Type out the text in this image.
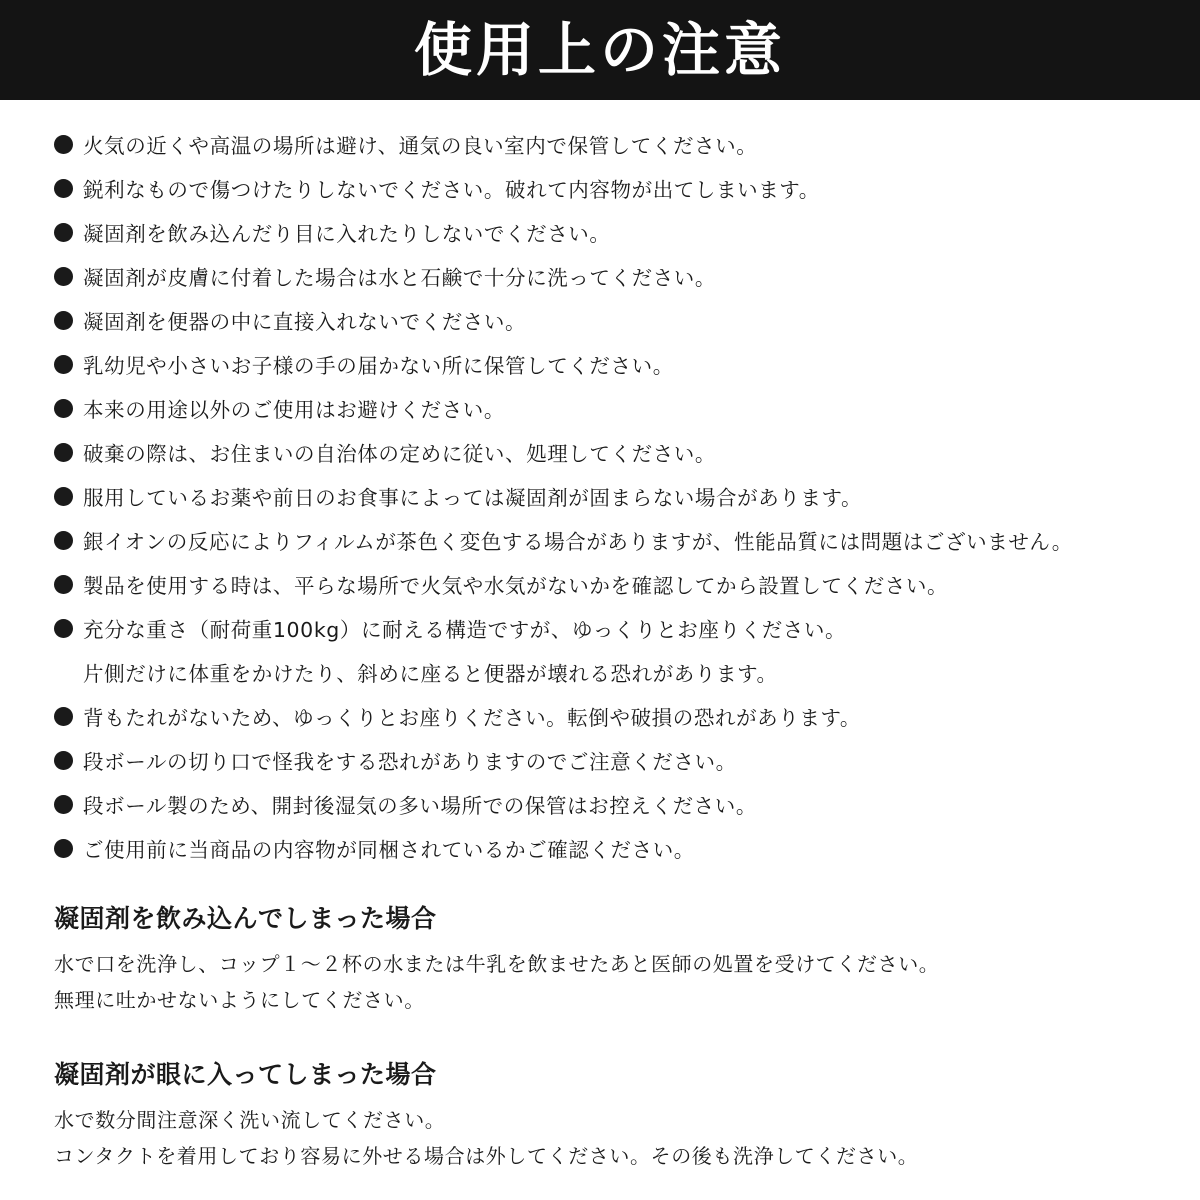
使用上の注意
火気の近くや高温の場所は避け、通気の良い室内で保管してください。
鋭利なもので傷つけたりしないでください。破れて内容物が出てしまいます。
凝固剤を飲み込んだり目に入れたりしないでください。
凝固剤が皮膚に付着した場合は水と石鹸で十分に洗ってください。
凝固剤を便器の中に直接入れないでください。
乳幼児や小さいお子様の手の届かない所に保管してください。
本来の用途以外のご使用はお避けください。
破棄の際は、お住まいの自治体の定めに従い、処理してください。
服用しているお薬や前日のお食事によっては凝固剤が固まらない場合があります。
銀イオンの反応によりフィルムが茶色く変色する場合がありますが、性能品質には問題はございません。
製品を使用する時は、平らな場所で火気や水気がないかを確認してから設置してください。
充分な重さ（耐荷重100kg）に耐える構造ですが、ゆっくりとお座りください。
片側だけに体重をかけたり、斜めに座ると便器が壊れる恐れがあります。
背もたれがないため、ゆっくりとお座りください。転倒や破損の恐れがあります。
段ボールの切り口で怪我をする恐れがありますのでご注意ください。
段ボール製のため、開封後湿気の多い場所での保管はお控えください。
ご使用前に当商品の内容物が同梱されているかご確認ください。
凝固剤を飲み込んでしまった場合

水で口を洗浄し、コップ１～２杯の水または牛乳を飲ませたあと医師の処置を受けてください。

無理に吐かせないようにしてください。

凝固剤が眼に入ってしまった場合

水で数分間注意深く洗い流してください。

コンタクトを着用しており容易に外せる場合は外してください。その後も洗浄してください。
